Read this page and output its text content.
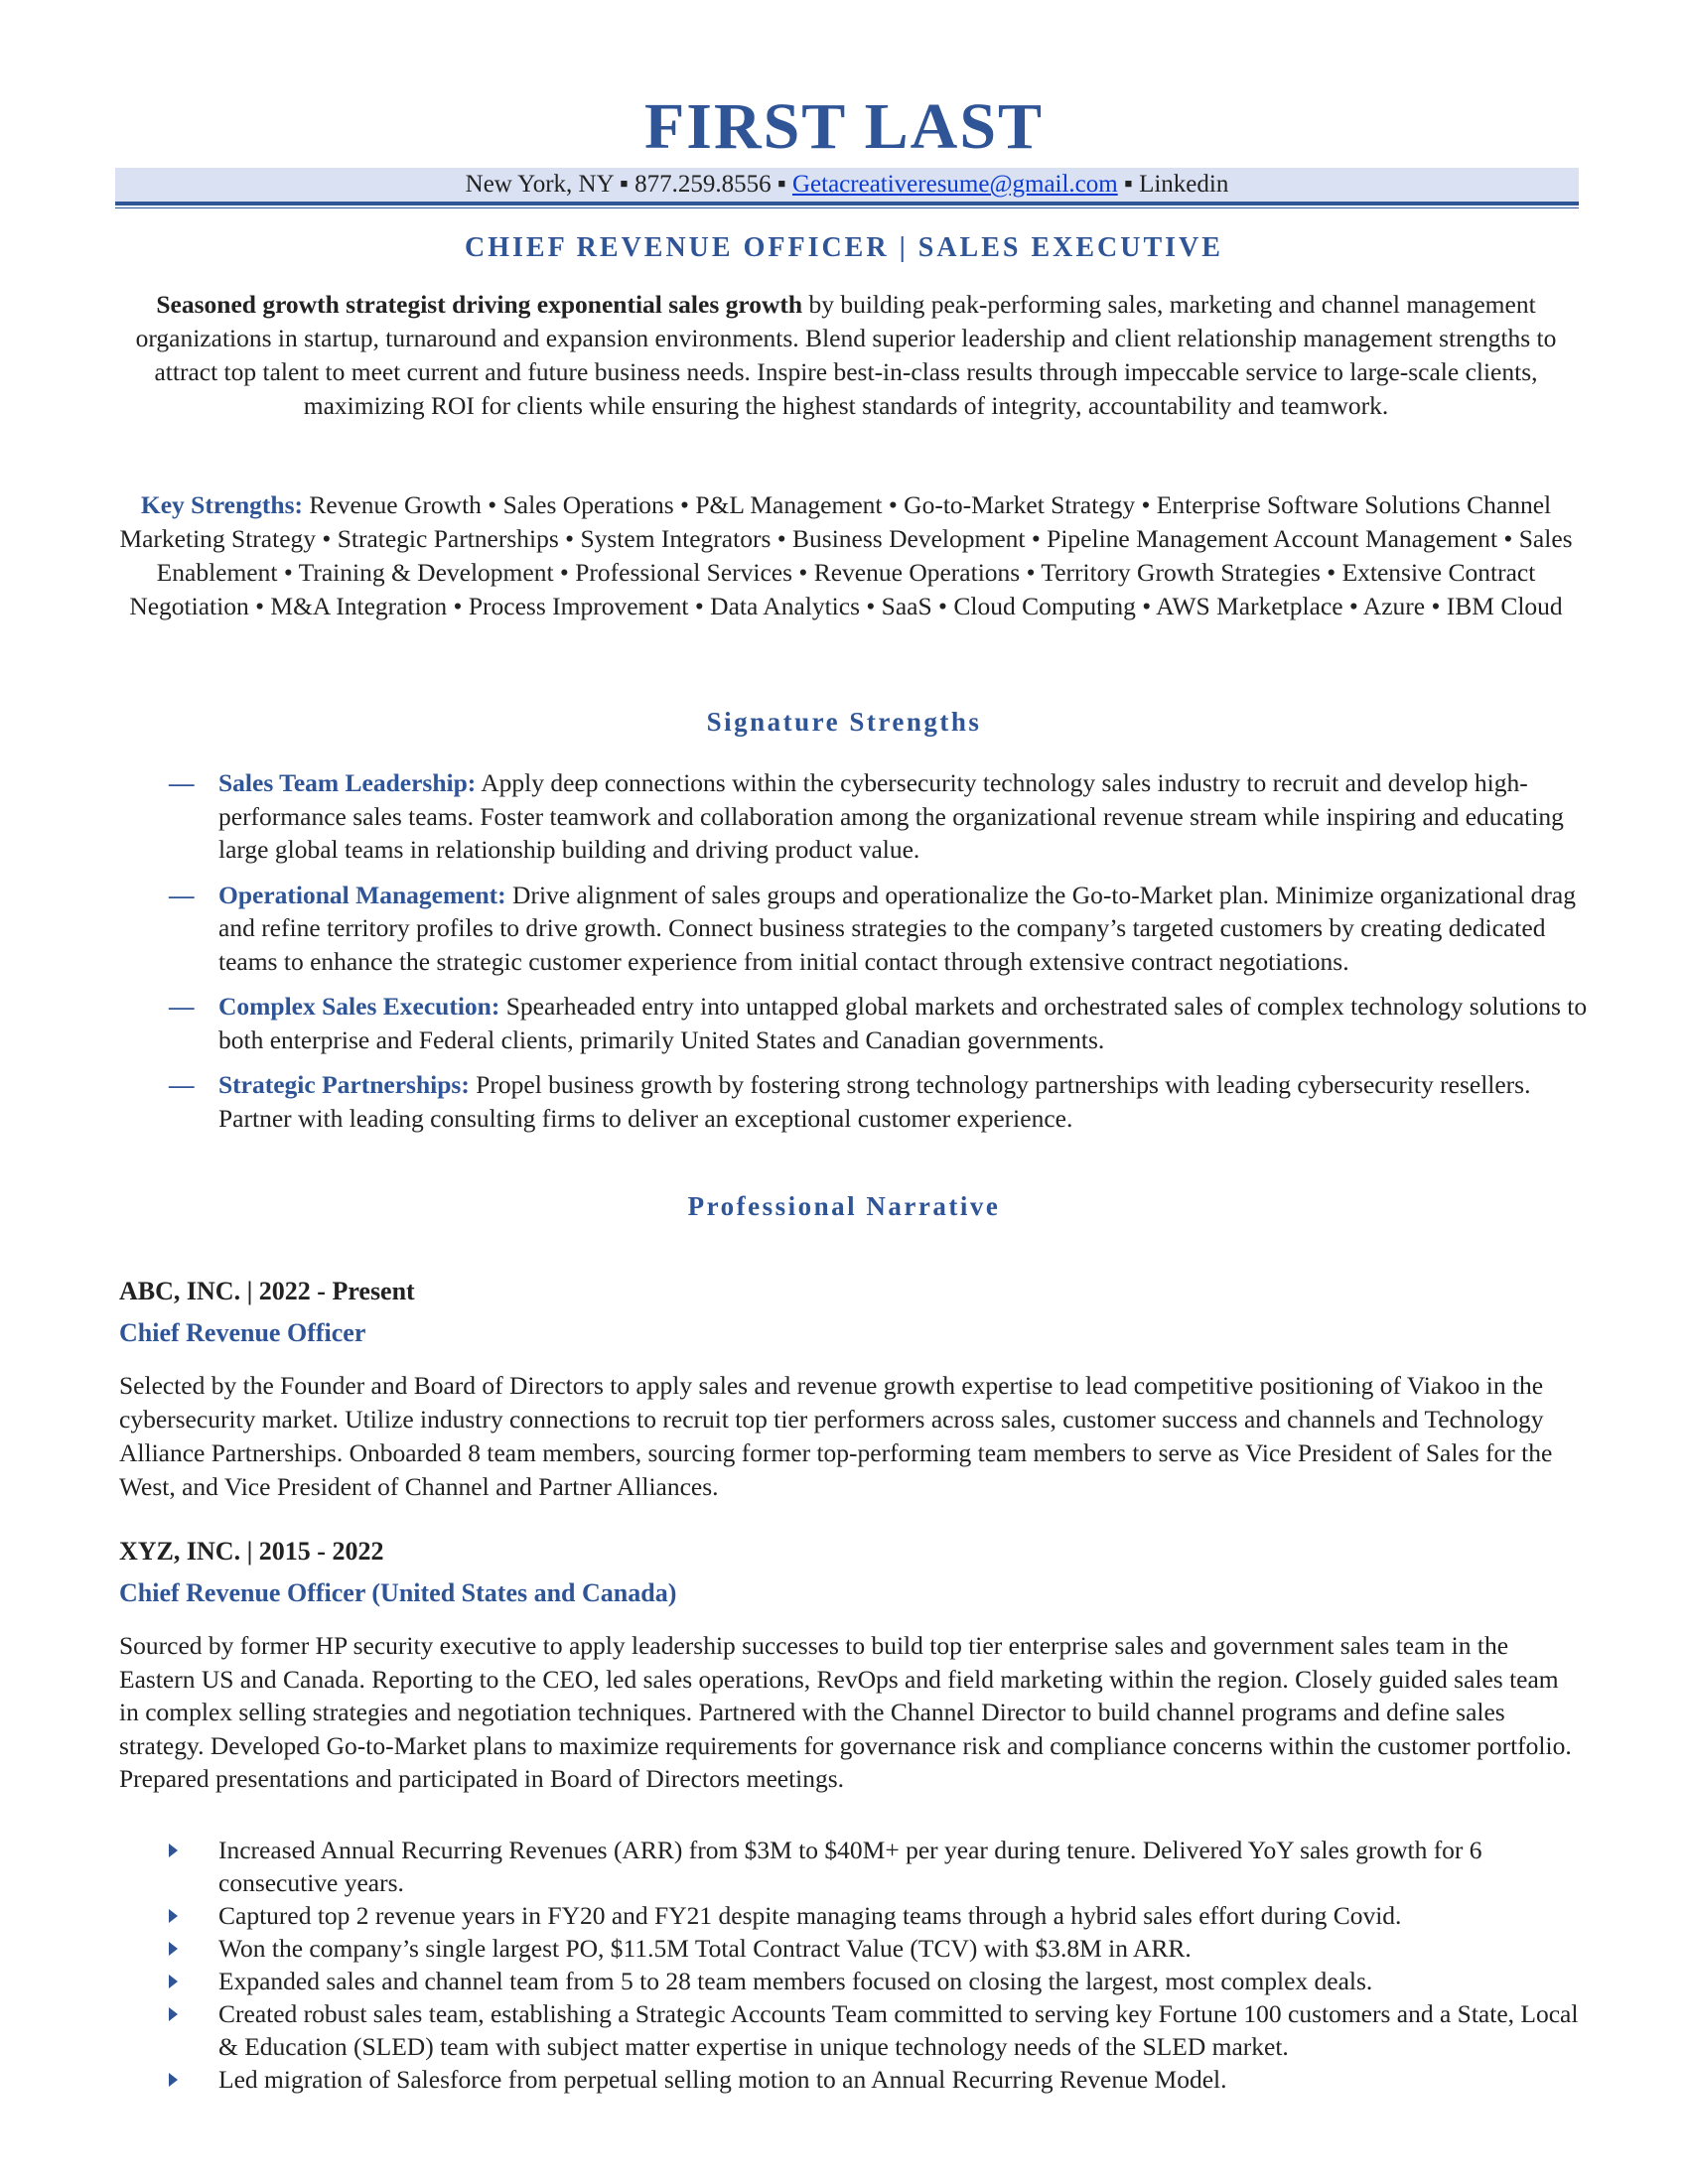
FIRST LAST
New York, NY ▪ 877.259.8556 ▪ Getacreativeresume@gmail.com ▪ Linkedin
CHIEF REVENUE OFFICER | SALES EXECUTIVE
Seasoned growth strategist driving exponential sales growth by building peak-performing sales, marketing and channel management organizations in startup, turnaround and expansion environments. Blend superior leadership and client relationship management strengths to attract top talent to meet current and future business needs. Inspire best-in-class results through impeccable service to large-scale clients, maximizing ROI for clients while ensuring the highest standards of integrity, accountability and teamwork.
Key Strengths: Revenue Growth • Sales Operations • P&L Management • Go-to-Market Strategy • Enterprise Software Solutions Channel Marketing Strategy • Strategic Partnerships • System Integrators • Business Development • Pipeline Management Account Management • Sales Enablement • Training & Development • Professional Services • Revenue Operations • Territory Growth Strategies • Extensive Contract Negotiation • M&A Integration • Process Improvement • Data Analytics • SaaS • Cloud Computing • AWS Marketplace • Azure • IBM Cloud
Signature Strengths
— Sales Team Leadership: Apply deep connections within the cybersecurity technology sales industry to recruit and develop high-performance sales teams. Foster teamwork and collaboration among the organizational revenue stream while inspiring and educating large global teams in relationship building and driving product value.
— Operational Management: Drive alignment of sales groups and operationalize the Go-to-Market plan. Minimize organizational drag and refine territory profiles to drive growth. Connect business strategies to the company’s targeted customers by creating dedicated teams to enhance the strategic customer experience from initial contact through extensive contract negotiations.
— Complex Sales Execution: Spearheaded entry into untapped global markets and orchestrated sales of complex technology solutions to both enterprise and Federal clients, primarily United States and Canadian governments.
— Strategic Partnerships: Propel business growth by fostering strong technology partnerships with leading cybersecurity resellers. Partner with leading consulting firms to deliver an exceptional customer experience.
Professional Narrative
ABC, INC. | 2022 - Present
Chief Revenue Officer
Selected by the Founder and Board of Directors to apply sales and revenue growth expertise to lead competitive positioning of Viakoo in the cybersecurity market. Utilize industry connections to recruit top tier performers across sales, customer success and channels and Technology Alliance Partnerships. Onboarded 8 team members, sourcing former top-performing team members to serve as Vice President of Sales for the West, and Vice President of Channel and Partner Alliances.
XYZ, INC. | 2015 - 2022
Chief Revenue Officer (United States and Canada)
Sourced by former HP security executive to apply leadership successes to build top tier enterprise sales and government sales team in the Eastern US and Canada. Reporting to the CEO, led sales operations, RevOps and field marketing within the region. Closely guided sales team in complex selling strategies and negotiation techniques. Partnered with the Channel Director to build channel programs and define sales strategy. Developed Go-to-Market plans to maximize requirements for governance risk and compliance concerns within the customer portfolio. Prepared presentations and participated in Board of Directors meetings.
Increased Annual Recurring Revenues (ARR) from $3M to $40M+ per year during tenure. Delivered YoY sales growth for 6 consecutive years.
Captured top 2 revenue years in FY20 and FY21 despite managing teams through a hybrid sales effort during Covid.
Won the company’s single largest PO, $11.5M Total Contract Value (TCV) with $3.8M in ARR.
Expanded sales and channel team from 5 to 28 team members focused on closing the largest, most complex deals.
Created robust sales team, establishing a Strategic Accounts Team committed to serving key Fortune 100 customers and a State, Local & Education (SLED) team with subject matter expertise in unique technology needs of the SLED market.
Led migration of Salesforce from perpetual selling motion to an Annual Recurring Revenue Model.
